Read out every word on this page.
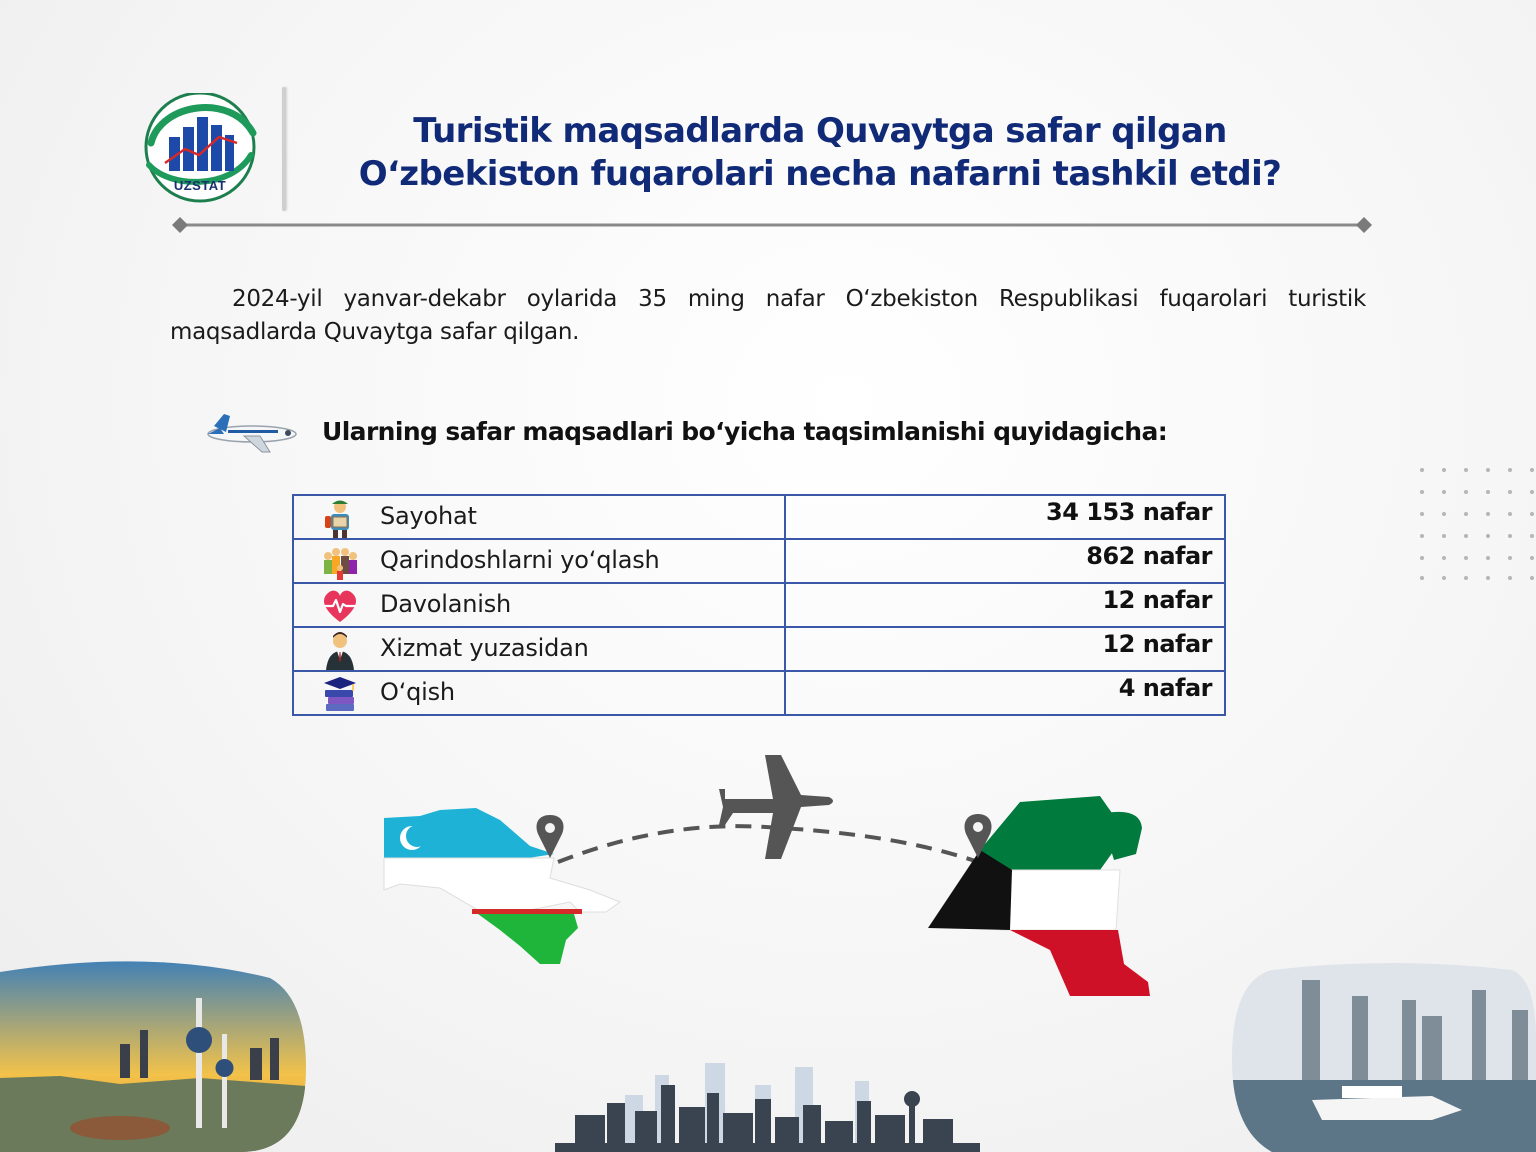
UZSTAT
Turistik maqsadlarda Quvaytga safar qilgan
O‘zbekiston fuqarolari necha nafarni tashkil etdi?

2024-yil yanvar-dekabr oylarida 35 ming nafar O‘zbekiston Respublikasi fuqarolari turistik maqsadlarda Quvaytga safar qilgan.

Ularning safar maqsadlari bo‘yicha taqsimlanishi quyidagicha:
Sayohat	34 153 nafar

Qarindoshlarni yo‘qlash	862 nafar

Davolanish	12 nafar

Xizmat yuzasidan	12 nafar

O‘qish	4 nafar
